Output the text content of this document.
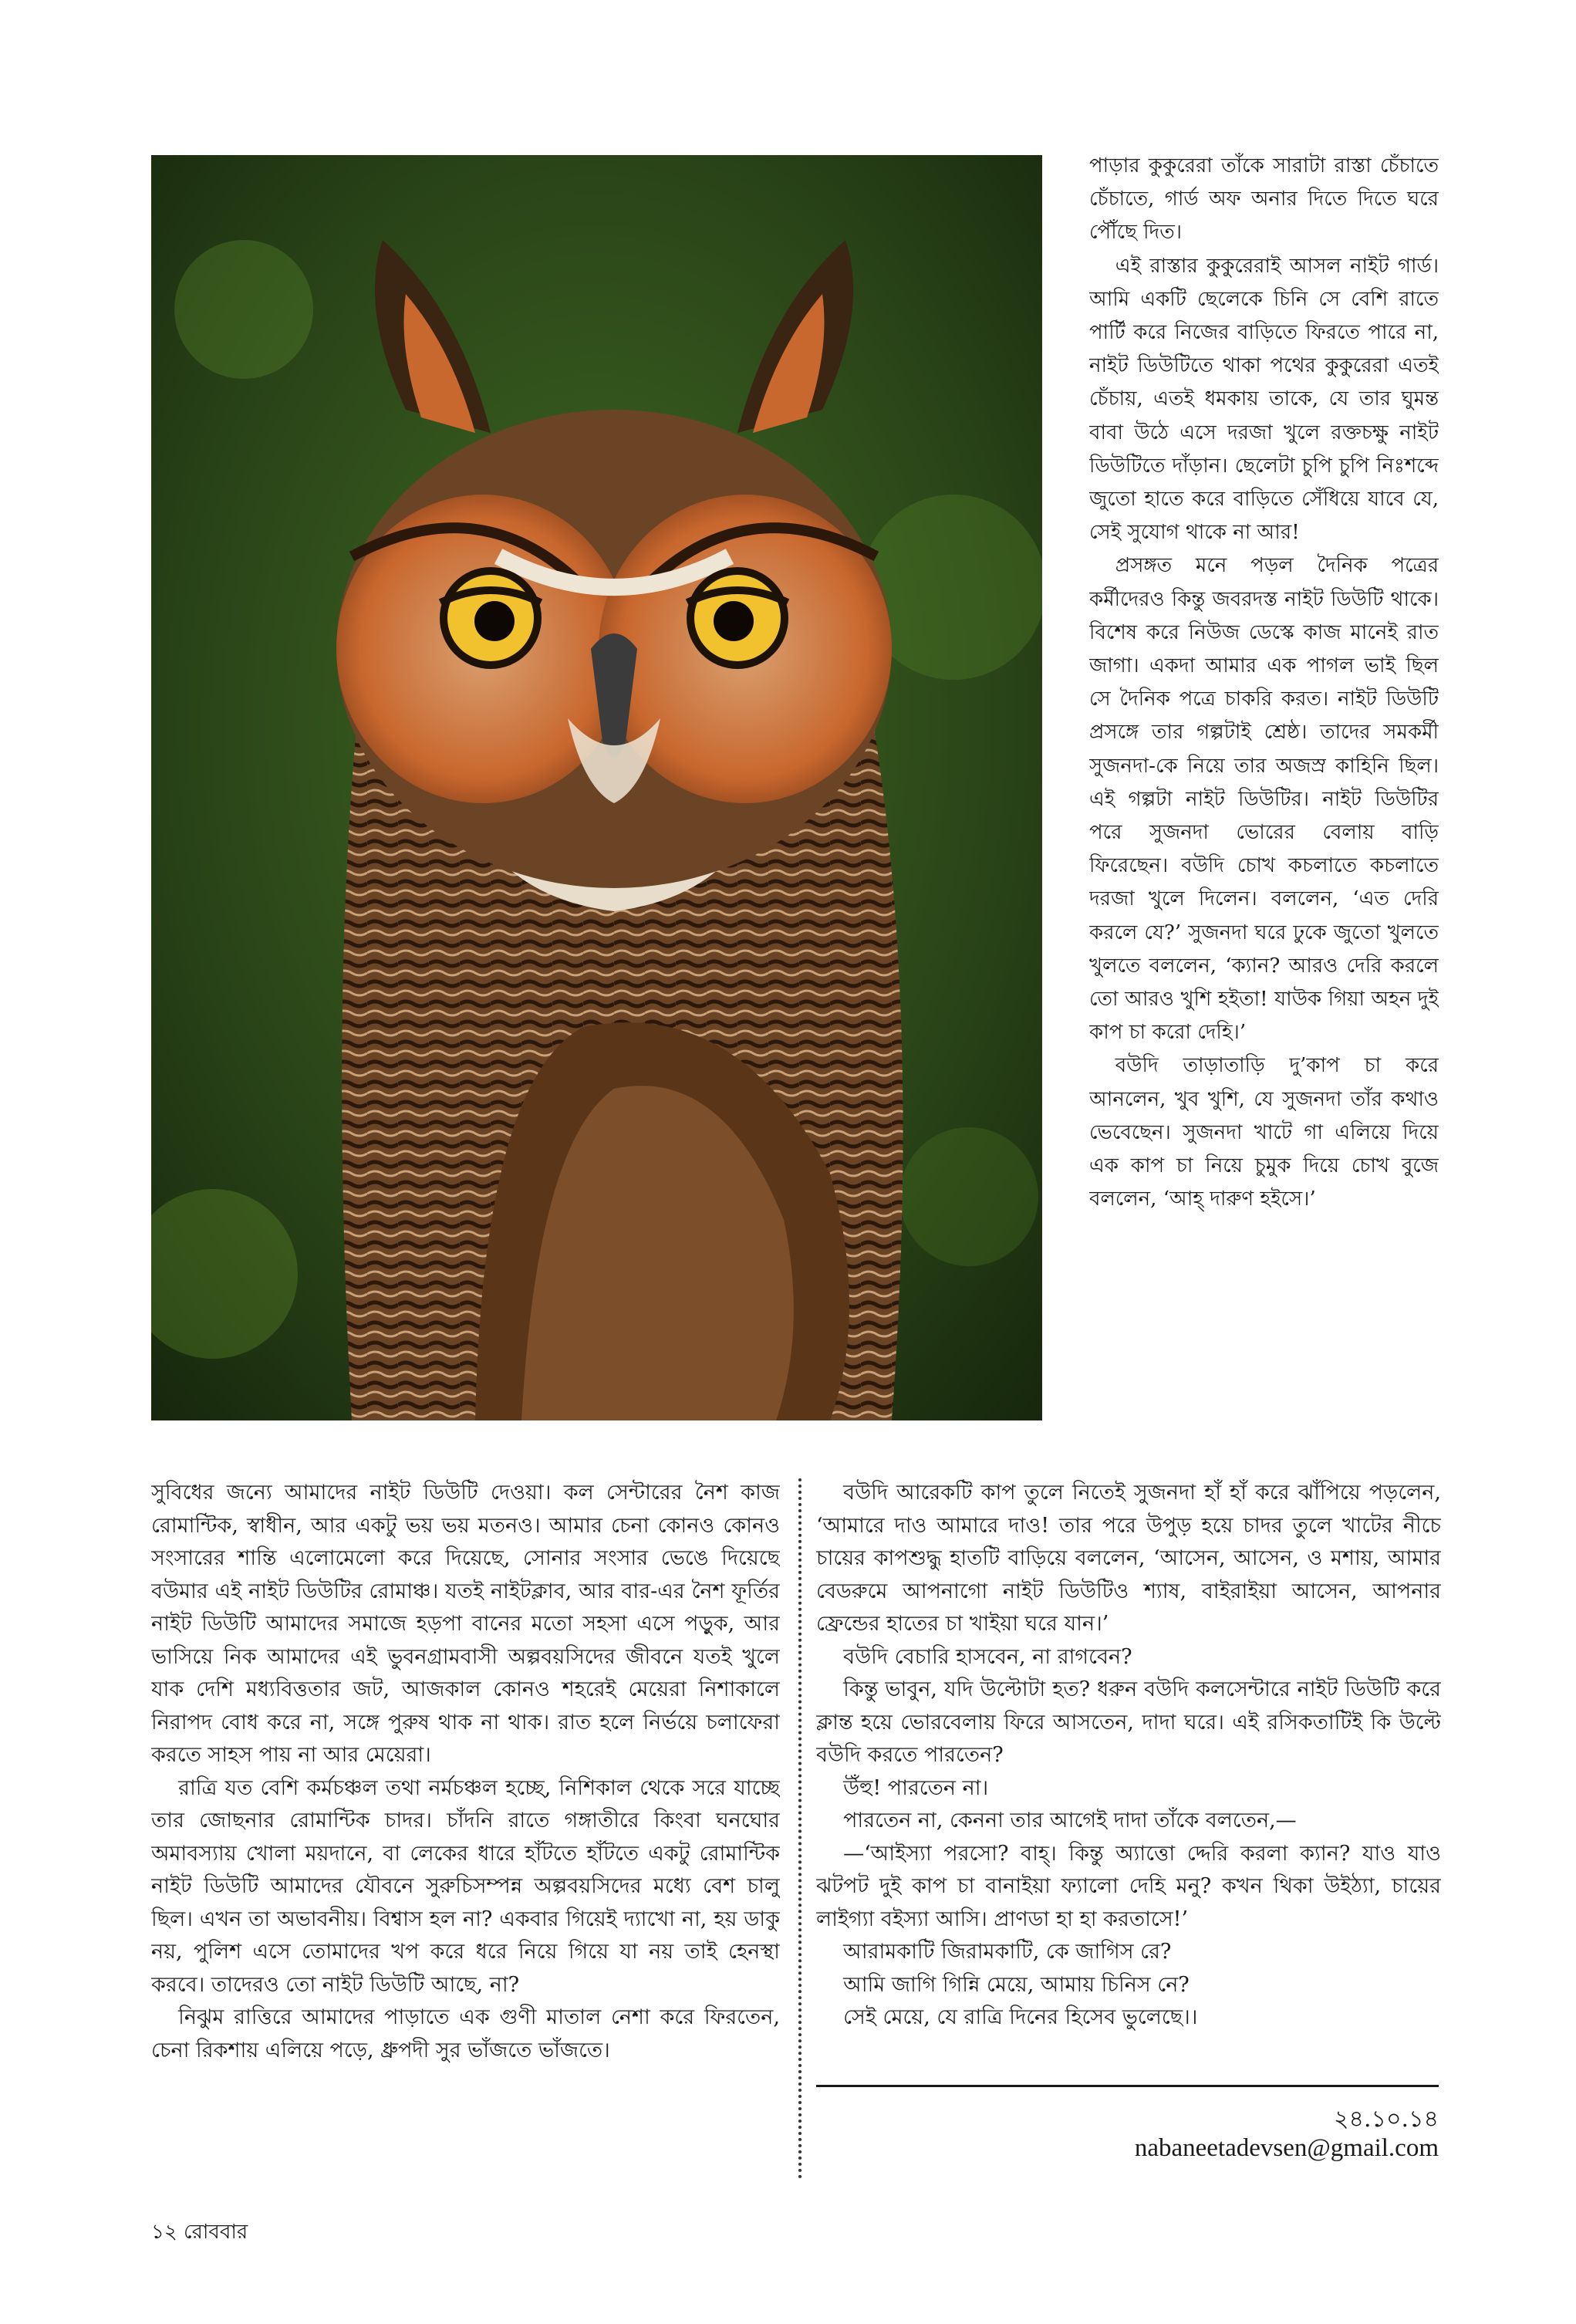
পাড়ার কুকুরেরা তাঁকে সারাটা রাস্তা চেঁচাতে চেঁচাতে, গার্ড অফ অনার দিতে দিতে ঘরে পৌঁছে দিত।

এই রাস্তার কুকুরেরাই আসল নাইট গার্ড। আমি একটি ছেলেকে চিনি সে বেশি রাতে পার্টি করে নিজের বাড়িতে ফিরতে পারে না, নাইট ডিউটিতে থাকা পথের কুকুরেরা এতই চেঁচায়, এতই ধমকায় তাকে, যে তার ঘুমন্ত বাবা উঠে এসে দরজা খুলে রক্তচক্ষু নাইট ডিউটিতে দাঁড়ান। ছেলেটা চুপি চুপি নিঃশব্দে জুতো হাতে করে বাড়িতে সেঁধিয়ে যাবে যে, সেই সুযোগ থাকে না আর!

প্রসঙ্গত মনে পড়ল দৈনিক পত্রের কর্মীদেরও কিন্তু জবরদস্ত নাইট ডিউটি থাকে। বিশেষ করে নিউজ ডেস্কে কাজ মানেই রাত জাগা। একদা আমার এক পাগল ভাই ছিল সে দৈনিক পত্রে চাকরি করত। নাইট ডিউটি প্রসঙ্গে তার গল্পটাই শ্রেষ্ঠ। তাদের সমকর্মী সুজনদা-কে নিয়ে তার অজস্র কাহিনি ছিল। এই গল্পটা নাইট ডিউটির। নাইট ডিউটির পরে সুজনদা ভোরের বেলায় বাড়ি ফিরেছেন। বউদি চোখ কচলাতে কচলাতে দরজা খুলে দিলেন। বললেন, ‘এত দেরি করলে যে?’ সুজনদা ঘরে ঢুকে জুতো খুলতে খুলতে বললেন, ‘ক্যান? আরও দেরি করলে তো আরও খুশি হইতা! যাউক গিয়া অহন দুই কাপ চা করো দেহি।’

বউদি তাড়াতাড়ি দু’কাপ চা করে আনলেন, খুব খুশি, যে সুজনদা তাঁর কথাও ভেবেছেন। সুজনদা খাটে গা এলিয়ে দিয়ে এক কাপ চা নিয়ে চুমুক দিয়ে চোখ বুজে বললেন, ‘আহ্‌ দারুণ হইসে।’

সুবিধের জন্যে আমাদের নাইট ডিউটি দেওয়া। কল সেন্টারের নৈশ কাজ রোমান্টিক, স্বাধীন, আর একটু ভয় ভয় মতনও। আমার চেনা কোনও কোনও সংসারের শান্তি এলোমেলো করে দিয়েছে, সোনার সংসার ভেঙে দিয়েছে বউমার এই নাইট ডিউটির রোমাঞ্চ। যতই নাইটক্লাব, আর বার-এর নৈশ ফূর্তির নাইট ডিউটি আমাদের সমাজে হড়পা বানের মতো সহসা এসে পড়ুক, আর ভাসিয়ে নিক আমাদের এই ভুবনগ্রামবাসী অল্পবয়সিদের জীবনে যতই খুলে যাক দেশি মধ্যবিত্ততার জট, আজকাল কোনও শহরেই মেয়েরা নিশাকালে নিরাপদ বোধ করে না, সঙ্গে পুরুষ থাক না থাক। রাত হলে নির্ভয়ে চলাফেরা করতে সাহস পায় না আর মেয়েরা।

রাত্রি যত বেশি কর্মচঞ্চল তথা নর্মচঞ্চল হচ্ছে, নিশিকাল থেকে সরে যাচ্ছে তার জোছনার রোমান্টিক চাদর। চাঁদনি রাতে গঙ্গাতীরে কিংবা ঘনঘোর অমাবস্যায় খোলা ময়দানে, বা লেকের ধারে হাঁটতে হাঁটতে একটু রোমান্টিক নাইট ডিউটি আমাদের যৌবনে সুরুচিসম্পন্ন অল্পবয়সিদের মধ্যে বেশ চালু ছিল। এখন তা অভাবনীয়। বিশ্বাস হল না? একবার গিয়েই দ্যাখো না, হয় ডাকু নয়, পুলিশ এসে তোমাদের খপ করে ধরে নিয়ে গিয়ে যা নয় তাই হেনস্থা করবে। তাদেরও তো নাইট ডিউটি আছে, না?

নিঝুম রাত্তিরে আমাদের পাড়াতে এক গুণী মাতাল নেশা করে ফিরতেন, চেনা রিকশায় এলিয়ে পড়ে, ধ্রুপদী সুর ভাঁজতে ভাঁজতে।

বউদি আরেকটি কাপ তুলে নিতেই সুজনদা হাঁ হাঁ করে ঝাঁপিয়ে পড়লেন, ‘আমারে দাও আমারে দাও! তার পরে উপুড় হয়ে চাদর তুলে খাটের নীচে চায়ের কাপশুদ্ধু হাতটি বাড়িয়ে বললেন, ‘আসেন, আসেন, ও মশায়, আমার বেডরুমে আপনাগো নাইট ডিউটিও শ্যাষ, বাইরাইয়া আসেন, আপনার ফ্রেন্ডের হাতের চা খাইয়া ঘরে যান।’

বউদি বেচারি হাসবেন, না রাগবেন?

কিন্তু ভাবুন, যদি উল্টোটা হত? ধরুন বউদি কলসেন্টারে নাইট ডিউটি করে ক্লান্ত হয়ে ভোরবেলায় ফিরে আসতেন, দাদা ঘরে। এই রসিকতাটিই কি উল্টে বউদি করতে পারতেন?

উঁহু! পারতেন না।

পারতেন না, কেননা তার আগেই দাদা তাঁকে বলতেন,—

—‘আইস্যা পরসো? বাহ্‌। কিন্তু অ্যাত্তো দ্দেরি করলা ক্যান? যাও যাও ঝটপট দুই কাপ চা বানাইয়া ফ্যালো দেহি মনু? কখন থিকা উইঠ্যা, চায়ের লাইগ্যা বইস্যা আসি। প্রাণডা হা হা করতাসে!’

আরামকাটি জিরামকাটি, কে জাগিস রে?

আমি জাগি গিন্নি মেয়ে, আমায় চিনিস নে?

সেই মেয়ে, যে রাত্রি দিনের হিসেব ভুলেছে।।

২৪.১০.১৪
nabaneetadevsen@gmail.com
১২ রোববার
